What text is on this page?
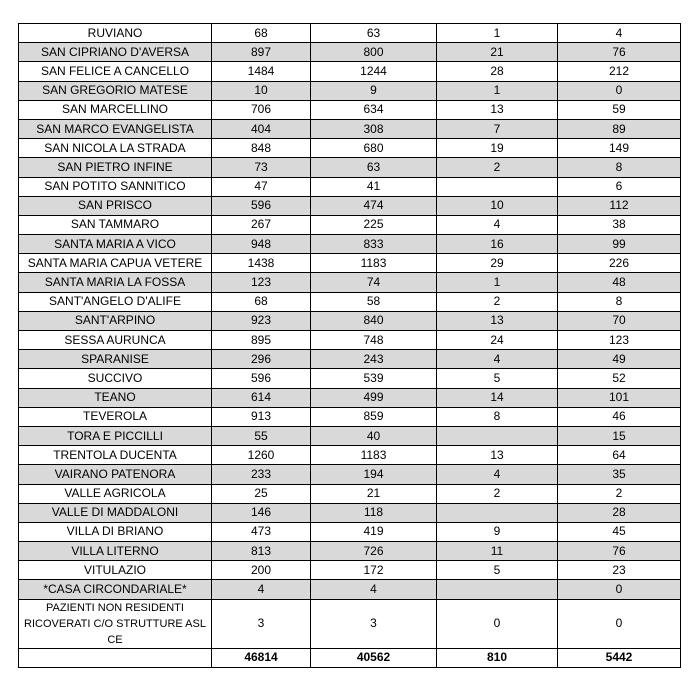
RUVIANO	68	63	1	4
SAN CIPRIANO D'AVERSA	897	800	21	76
SAN FELICE A CANCELLO	1484	1244	28	212
SAN GREGORIO MATESE	10	9	1	0
SAN MARCELLINO	706	634	13	59
SAN MARCO EVANGELISTA	404	308	7	89
SAN NICOLA LA STRADA	848	680	19	149
SAN PIETRO INFINE	73	63	2	8
SAN POTITO SANNITICO	47	41		6
SAN PRISCO	596	474	10	112
SAN TAMMARO	267	225	4	38
SANTA MARIA A VICO	948	833	16	99
SANTA MARIA CAPUA VETERE	1438	1183	29	226
SANTA MARIA LA FOSSA	123	74	1	48
SANT'ANGELO D'ALIFE	68	58	2	8
SANT'ARPINO	923	840	13	70
SESSA AURUNCA	895	748	24	123
SPARANISE	296	243	4	49
SUCCIVO	596	539	5	52
TEANO	614	499	14	101
TEVEROLA	913	859	8	46
TORA E PICCILLI	55	40		15
TRENTOLA DUCENTA	1260	1183	13	64
VAIRANO PATENORA	233	194	4	35
VALLE AGRICOLA	25	21	2	2
VALLE DI MADDALONI	146	118		28
VILLA DI BRIANO	473	419	9	45
VILLA LITERNO	813	726	11	76
VITULAZIO	200	172	5	23
*CASA CIRCONDARIALE*	4	4		0
PAZIENTI NON RESIDENTI RICOVERATI C/O STRUTTURE ASL CE	3	3	0	0
	46814	40562	810	5442
